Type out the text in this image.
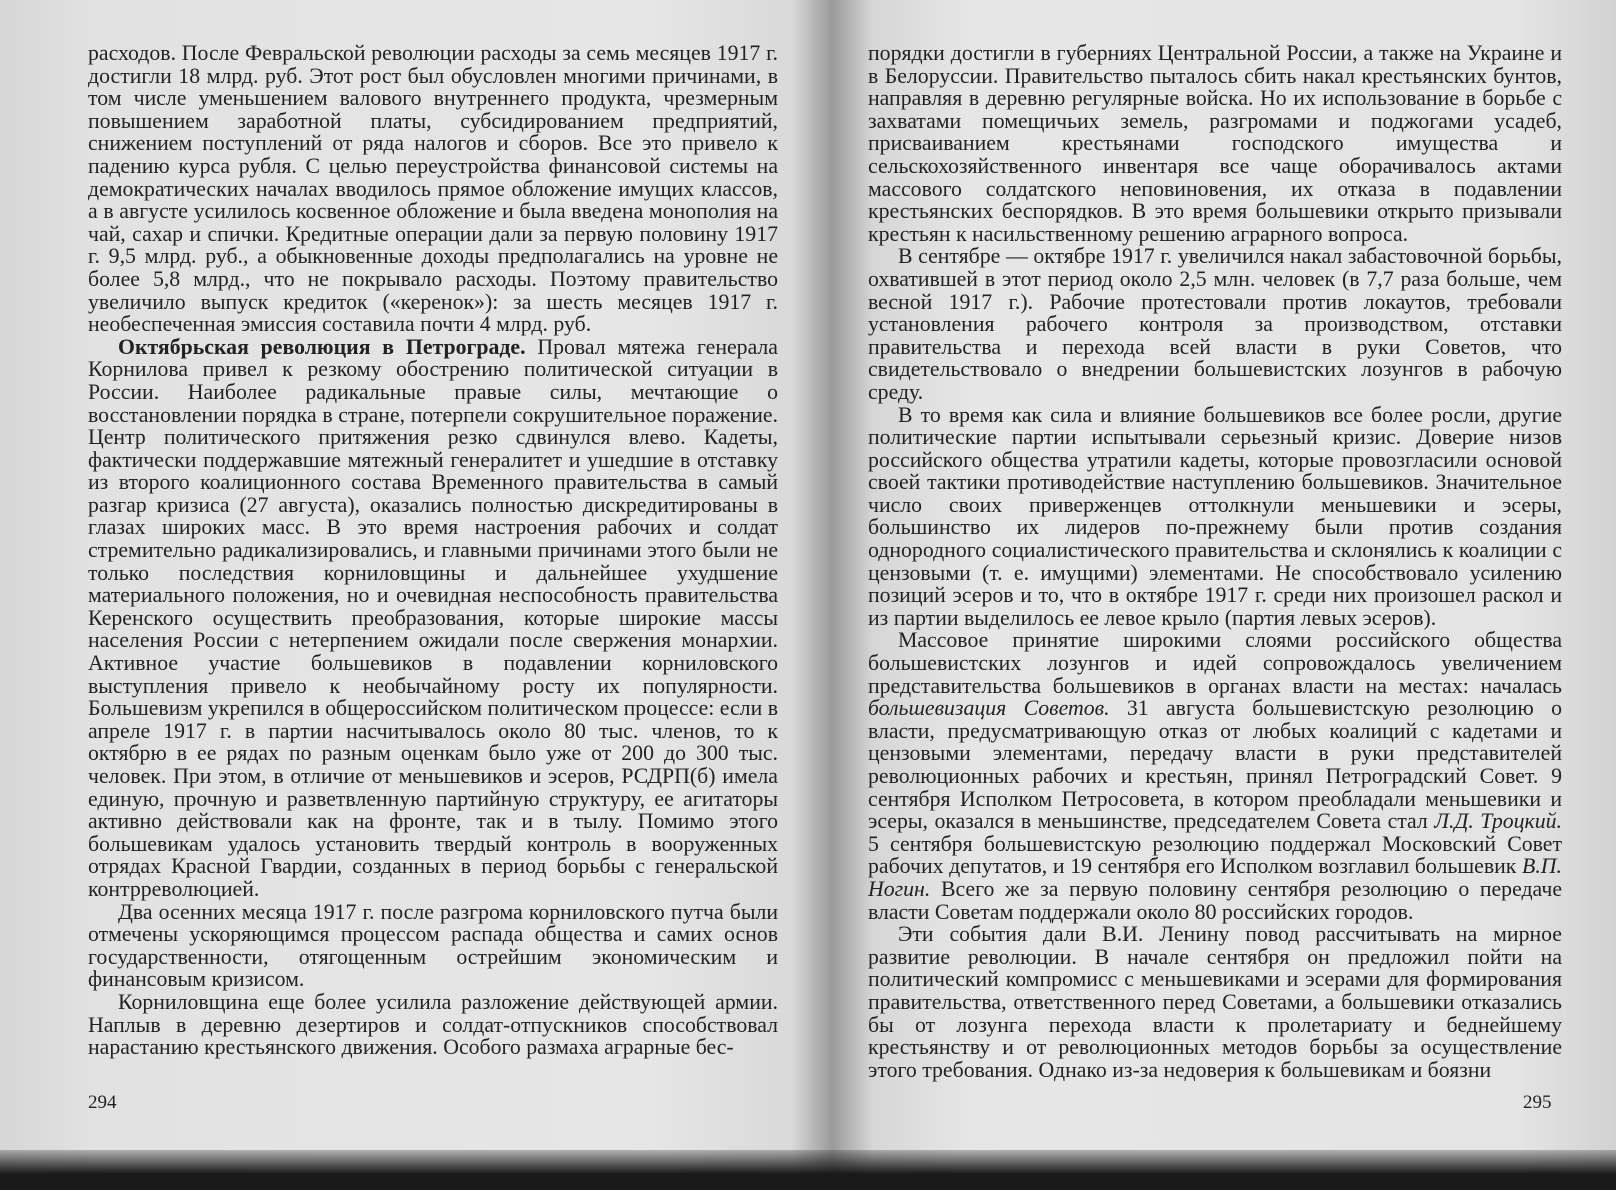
расходов. После Февральской революции расходы за семь месяцев 1917 г. достигли 18 млрд. руб. Этот рост был обусловлен многими причинами, в том числе уменьшением валового внутреннего продукта, чрезмерным повышением заработной платы, субсидированием предприятий, снижением поступлений от ряда налогов и сборов. Все это привело к падению курса рубля. С целью переустройства финансовой системы на демократических началах вводилось прямое обложение имущих классов, а в августе усилилось косвенное обложение и была введена монополия на чай, сахар и спички. Кредитные операции дали за первую половину 1917 г. 9,5 млрд. руб., а обыкновенные доходы предполагались на уровне не более 5,8 млрд., что не покрывало расходы. Поэтому правительство увеличило выпуск кредиток («керенок»): за шесть месяцев 1917 г. необеспеченная эмиссия составила почти 4 млрд. руб.

Октябрьская революция в Петрограде. Провал мятежа генерала Корнилова привел к резкому обострению политической ситуации в России. Наиболее радикальные правые силы, мечтающие о восстановлении порядка в стране, потерпели сокрушительное поражение. Центр политического притяжения резко сдвинулся влево. Кадеты, фактически поддержавшие мятежный генералитет и ушедшие в отставку из второго коалиционного состава Временного правительства в самый разгар кризиса (27 августа), оказались полностью дискредитированы в глазах широких масс. В это время настроения рабочих и солдат стремительно радикализировались, и главными причинами этого были не только последствия корниловщины и дальнейшее ухудшение материального положения, но и очевидная неспособность правительства Керенского осуществить преобразования, которые широкие массы населения России с нетерпением ожидали после свержения монархии. Активное участие большевиков в подавлении корниловского выступления привело к необычайному росту их популярности. Большевизм укрепился в общероссийском политическом процессе: если в апреле 1917 г. в партии насчитывалось около 80 тыс. членов, то к октябрю в ее рядах по разным оценкам было уже от 200 до 300 тыс. человек. При этом, в отличие от меньшевиков и эсеров, РСДРП(б) имела единую, прочную и разветвленную партийную структуру, ее агитаторы активно действовали как на фронте, так и в тылу. Помимо этого большевикам удалось установить твердый контроль в вооруженных отрядах Красной Гвардии, созданных в период борьбы с генеральской контрреволюцией.

Два осенних месяца 1917 г. после разгрома корниловского путча были отмечены ускоряющимся процессом распада общества и самих основ государственности, отягощенным острейшим экономическим и финансовым кризисом.

Корниловщина еще более усилила разложение действующей армии. Наплыв в деревню дезертиров и солдат-отпускников способствовал нарастанию крестьянского движения. Особого размаха аграрные бес-

294

порядки достигли в губерниях Центральной России, а также на Украине и в Белоруссии. Правительство пыталось сбить накал крестьянских бунтов, направляя в деревню регулярные войска. Но их использование в борьбе с захватами помещичьих земель, разгромами и поджогами усадеб, присваиванием крестьянами господского имущества и сельскохозяйственного инвентаря все чаще оборачивалось актами массового солдатского неповиновения, их отказа в подавлении крестьянских беспорядков. В это время большевики открыто призывали крестьян к насильственному решению аграрного вопроса.

В сентябре — октябре 1917 г. увеличился накал забастовочной борьбы, охватившей в этот период около 2,5 млн. человек (в 7,7 раза больше, чем весной 1917 г.). Рабочие протестовали против локаутов, требовали установления рабочего контроля за производством, отставки правительства и перехода всей власти в руки Советов, что свидетельствовало о внедрении большевистских лозунгов в рабочую среду.

В то время как сила и влияние большевиков все более росли, другие политические партии испытывали серьезный кризис. Доверие низов российского общества утратили кадеты, которые провозгласили основой своей тактики противодействие наступлению большевиков. Значительное число своих приверженцев оттолкнули меньшевики и эсеры, большинство их лидеров по-прежнему были против создания однородного социалистического правительства и склонялись к коалиции с цензовыми (т. е. имущими) элементами. Не способствовало усилению позиций эсеров и то, что в октябре 1917 г. среди них произошел раскол и из партии выделилось ее левое крыло (партия левых эсеров).

Массовое принятие широкими слоями российского общества большевистских лозунгов и идей сопровождалось увеличением представительства большевиков в органах власти на местах: началась большевизация Советов. 31 августа большевистскую резолюцию о власти, предусматривающую отказ от любых коалиций с кадетами и цензовыми элементами, передачу власти в руки представителей революционных рабочих и крестьян, принял Петроградский Совет. 9 сентября Исполком Петросовета, в котором преобладали меньшевики и эсеры, оказался в меньшинстве, председателем Совета стал Л.Д. Троцкий. 5 сентября большевистскую резолюцию поддержал Московский Совет рабочих депутатов, и 19 сентября его Исполком возглавил большевик В.П. Ногин. Всего же за первую половину сентября резолюцию о передаче власти Советам поддержали около 80 российских городов.

Эти события дали В.И. Ленину повод рассчитывать на мирное развитие революции. В начале сентября он предложил пойти на политический компромисс с меньшевиками и эсерами для формирования правительства, ответственного перед Советами, а большевики отказались бы от лозунга перехода власти к пролетариату и беднейшему крестьянству и от революционных методов борьбы за осуществление этого требования. Однако из-за недоверия к большевикам и боязни

295
